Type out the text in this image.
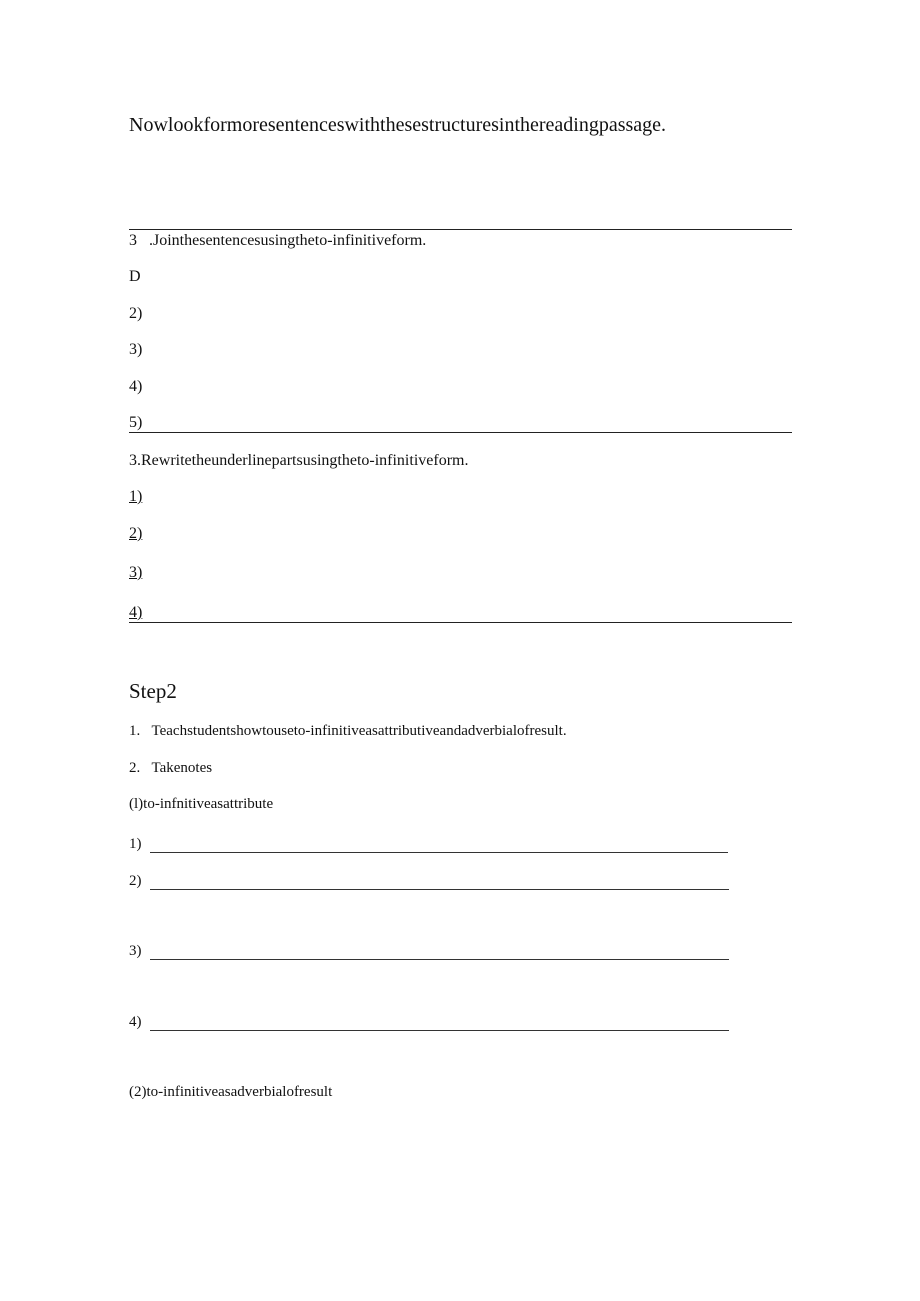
Nowlookformoresentenceswiththesestructuresinthereadingpassage.
3   .Jointhesentencesusingtheto-infinitiveform.
D
2)
3)
4)
5)
3.Rewritetheunderlinepartsusingtheto-infinitiveform.
1)
2)
3)
4)
Step2
1.   Teachstudentshowtouseto-infinitiveasattributiveandadverbialofresult.
2.   Takenotes
(l)to-infnitiveasattribute
1)
2)
3)
4)
(2)to-infinitiveasadverbialofresult
